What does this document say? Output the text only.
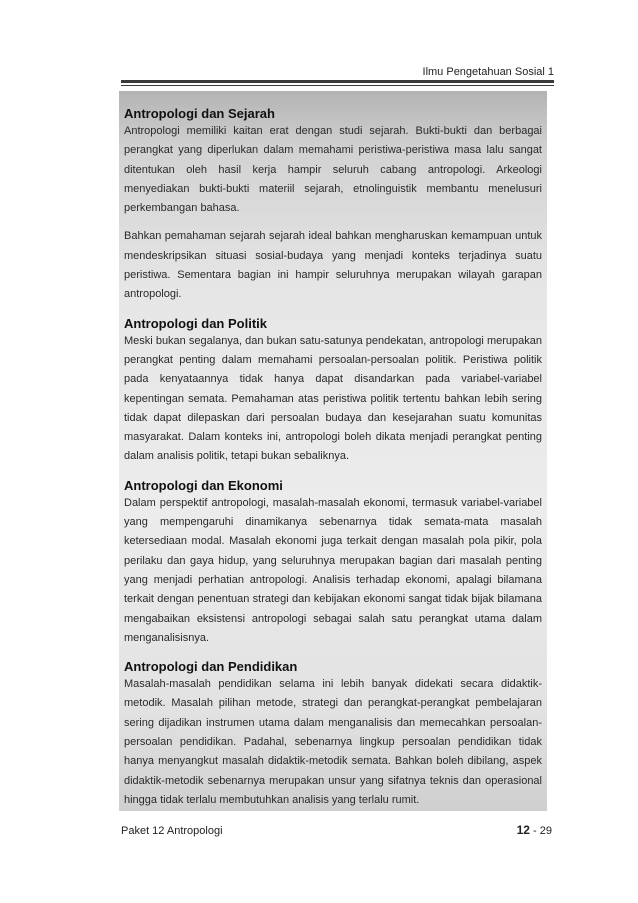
Ilmu Pengetahuan Sosial 1
Antropologi dan Sejarah

Antropologi memiliki kaitan erat dengan studi sejarah. Bukti-bukti dan berbagai perangkat yang diperlukan dalam memahami peristiwa-peristiwa masa lalu sangat ditentukan oleh hasil kerja hampir seluruh cabang antropologi. Arkeologi menyediakan bukti-bukti materiil sejarah, etnolinguistik membantu menelusuri perkembangan bahasa.

Bahkan pemahaman sejarah sejarah ideal bahkan mengharuskan kemampuan untuk mendeskripsikan situasi sosial-budaya yang menjadi konteks terjadinya suatu peristiwa. Sementara bagian ini hampir seluruhnya merupakan wilayah garapan antropologi.

Antropologi dan Politik

Meski bukan segalanya, dan bukan satu-satunya pendekatan, antropologi merupakan perangkat penting dalam memahami persoalan-persoalan politik. Peristiwa politik pada kenyataannya tidak hanya dapat disandarkan pada variabel-variabel kepentingan semata. Pemahaman atas peristiwa politik tertentu bahkan lebih sering tidak dapat dilepaskan dari persoalan budaya dan kesejarahan suatu komunitas masyarakat. Dalam konteks ini, antropologi boleh dikata menjadi perangkat penting dalam analisis politik, tetapi bukan sebaliknya.

Antropologi dan Ekonomi

Dalam perspektif antropologi, masalah-masalah ekonomi, termasuk variabel-variabel yang mempengaruhi dinamikanya sebenarnya tidak semata-mata masalah ketersediaan modal. Masalah ekonomi juga terkait dengan masalah pola pikir, pola perilaku dan gaya hidup, yang seluruhnya merupakan bagian dari masalah penting yang menjadi perhatian antropologi. Analisis terhadap ekonomi, apalagi bilamana terkait dengan penentuan strategi dan kebijakan ekonomi sangat tidak bijak bilamana mengabaikan eksistensi antropologi sebagai salah satu perangkat utama dalam menganalisisnya.

Antropologi dan Pendidikan

Masalah-masalah pendidikan selama ini lebih banyak didekati secara didaktik-metodik. Masalah pilihan metode, strategi dan perangkat-perangkat pembelajaran sering dijadikan instrumen utama dalam menganalisis dan memecahkan persoalan-persoalan pendidikan. Padahal, sebenarnya lingkup persoalan pendidikan tidak hanya menyangkut masalah didaktik-metodik semata. Bahkan boleh dibilang, aspek didaktik-metodik sebenarnya merupakan unsur yang sifatnya teknis dan operasional hingga tidak terlalu membutuhkan analisis yang terlalu rumit.

Paket 12 Antropologi	12 - 29
